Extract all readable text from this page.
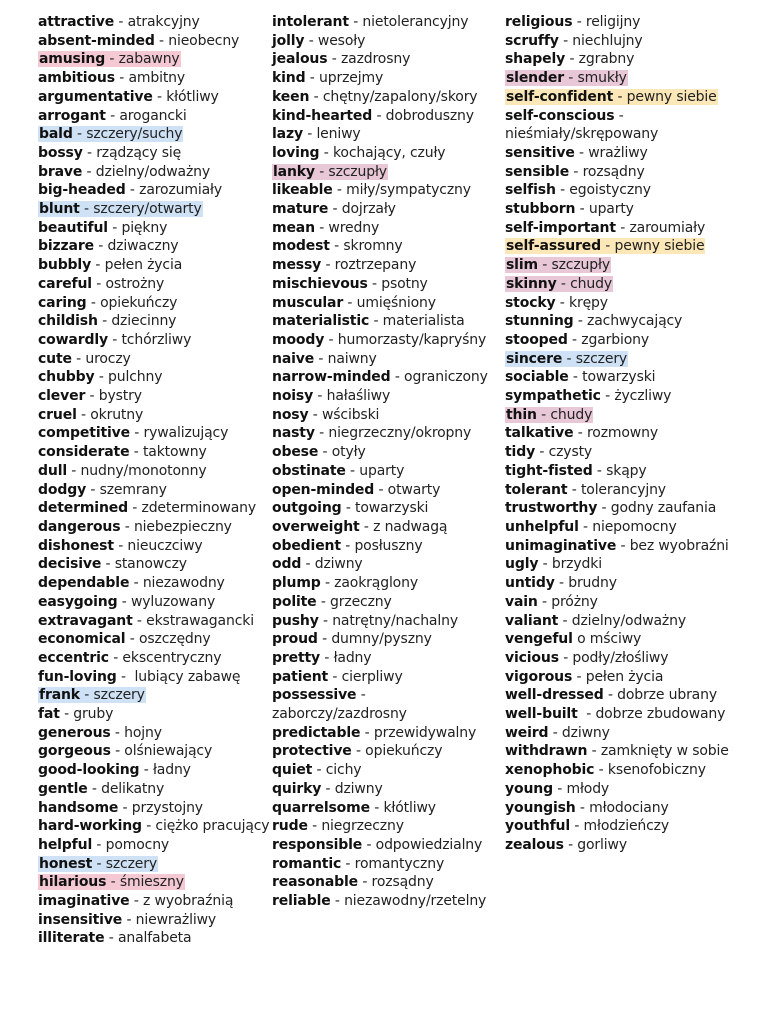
attractive - atrakcyjny
absent-minded - nieobecny
amusing - zabawny
ambitious - ambitny
argumentative - kłótliwy
arrogant - arogancki
bald - szczery/suchy
bossy - rządzący się
brave - dzielny/odważny
big-headed - zarozumiały
blunt - szczery/otwarty
beautiful - piękny
bizzare - dziwaczny
bubbly - pełen życia
careful - ostrożny
caring - opiekuńczy
childish - dziecinny
cowardly - tchórzliwy
cute - uroczy
chubby - pulchny
clever - bystry
cruel - okrutny
competitive - rywalizujący
considerate - taktowny
dull - nudny/monotonny
dodgy - szemrany
determined - zdeterminowany
dangerous - niebezpieczny
dishonest - nieuczciwy
decisive - stanowczy
dependable - niezawodny
easygoing - wyluzowany
extravagant - ekstrawagancki
economical - oszczędny
eccentric - ekscentryczny
fun-loving -  lubiący zabawę
frank - szczery
fat - gruby
generous - hojny
gorgeous - olśniewający
good-looking - ładny
gentle - delikatny
handsome - przystojny
hard-working - ciężko pracujący
helpful - pomocny
honest - szczery
hilarious - śmieszny
imaginative - z wyobraźnią
insensitive - niewrażliwy
illiterate - analfabeta
intolerant - nietolerancyjny
jolly - wesoły
jealous - zazdrosny
kind - uprzejmy
keen - chętny/zapalony/skory
kind-hearted - dobroduszny
lazy - leniwy
loving - kochający, czuły
lanky - szczupły
likeable - miły/sympatyczny
mature - dojrzały
mean - wredny
modest - skromny
messy - roztrzepany
mischievous - psotny
muscular - umięśniony
materialistic - materialista
moody - humorzasty/kapryśny
naive - naiwny
narrow-minded - ograniczony
noisy - hałaśliwy
nosy - wścibski
nasty - niegrzeczny/okropny
obese - otyły
obstinate - uparty
open-minded - otwarty
outgoing - towarzyski
overweight - z nadwagą
obedient - posłuszny
odd - dziwny
plump - zaokrąglony
polite - grzeczny
pushy - natrętny/nachalny
proud - dumny/pyszny
pretty - ładny
patient - cierpliwy
possessive - zaborczy/zazdrosny
predictable - przewidywalny
protective - opiekuńczy
quiet - cichy
quirky - dziwny
quarrelsome - kłótliwy
rude - niegrzeczny
responsible - odpowiedzialny
romantic - romantyczny
reasonable - rozsądny
reliable - niezawodny/rzetelny
religious - religijny
scruffy - niechlujny
shapely - zgrabny
slender - smukły
self-confident - pewny siebie
self-conscious - nieśmiały/skrępowany
sensitive - wrażliwy
sensible - rozsądny
selfish - egoistyczny
stubborn - uparty
self-important - zaroumiały
self-assured - pewny siebie
slim - szczupły
skinny - chudy
stocky - krępy
stunning - zachwycający
stooped - zgarbiony
sincere - szczery
sociable - towarzyski
sympathetic - życzliwy
thin - chudy
talkative - rozmowny
tidy - czysty
tight-fisted - skąpy
tolerant - tolerancyjny
trustworthy - godny zaufania
unhelpful - niepomocny
unimaginative - bez wyobraźni
ugly - brzydki
untidy - brudny
vain - próżny
valiant - dzielny/odważny
vengeful o mściwy
vicious - podły/złośliwy
vigorous - pełen życia
well-dressed - dobrze ubrany
well-built  - dobrze zbudowany
weird - dziwny
withdrawn - zamknięty w sobie
xenophobic - ksenofobiczny
young - młody
youngish - młodociany
youthful - młodzieńczy
zealous - gorliwy
